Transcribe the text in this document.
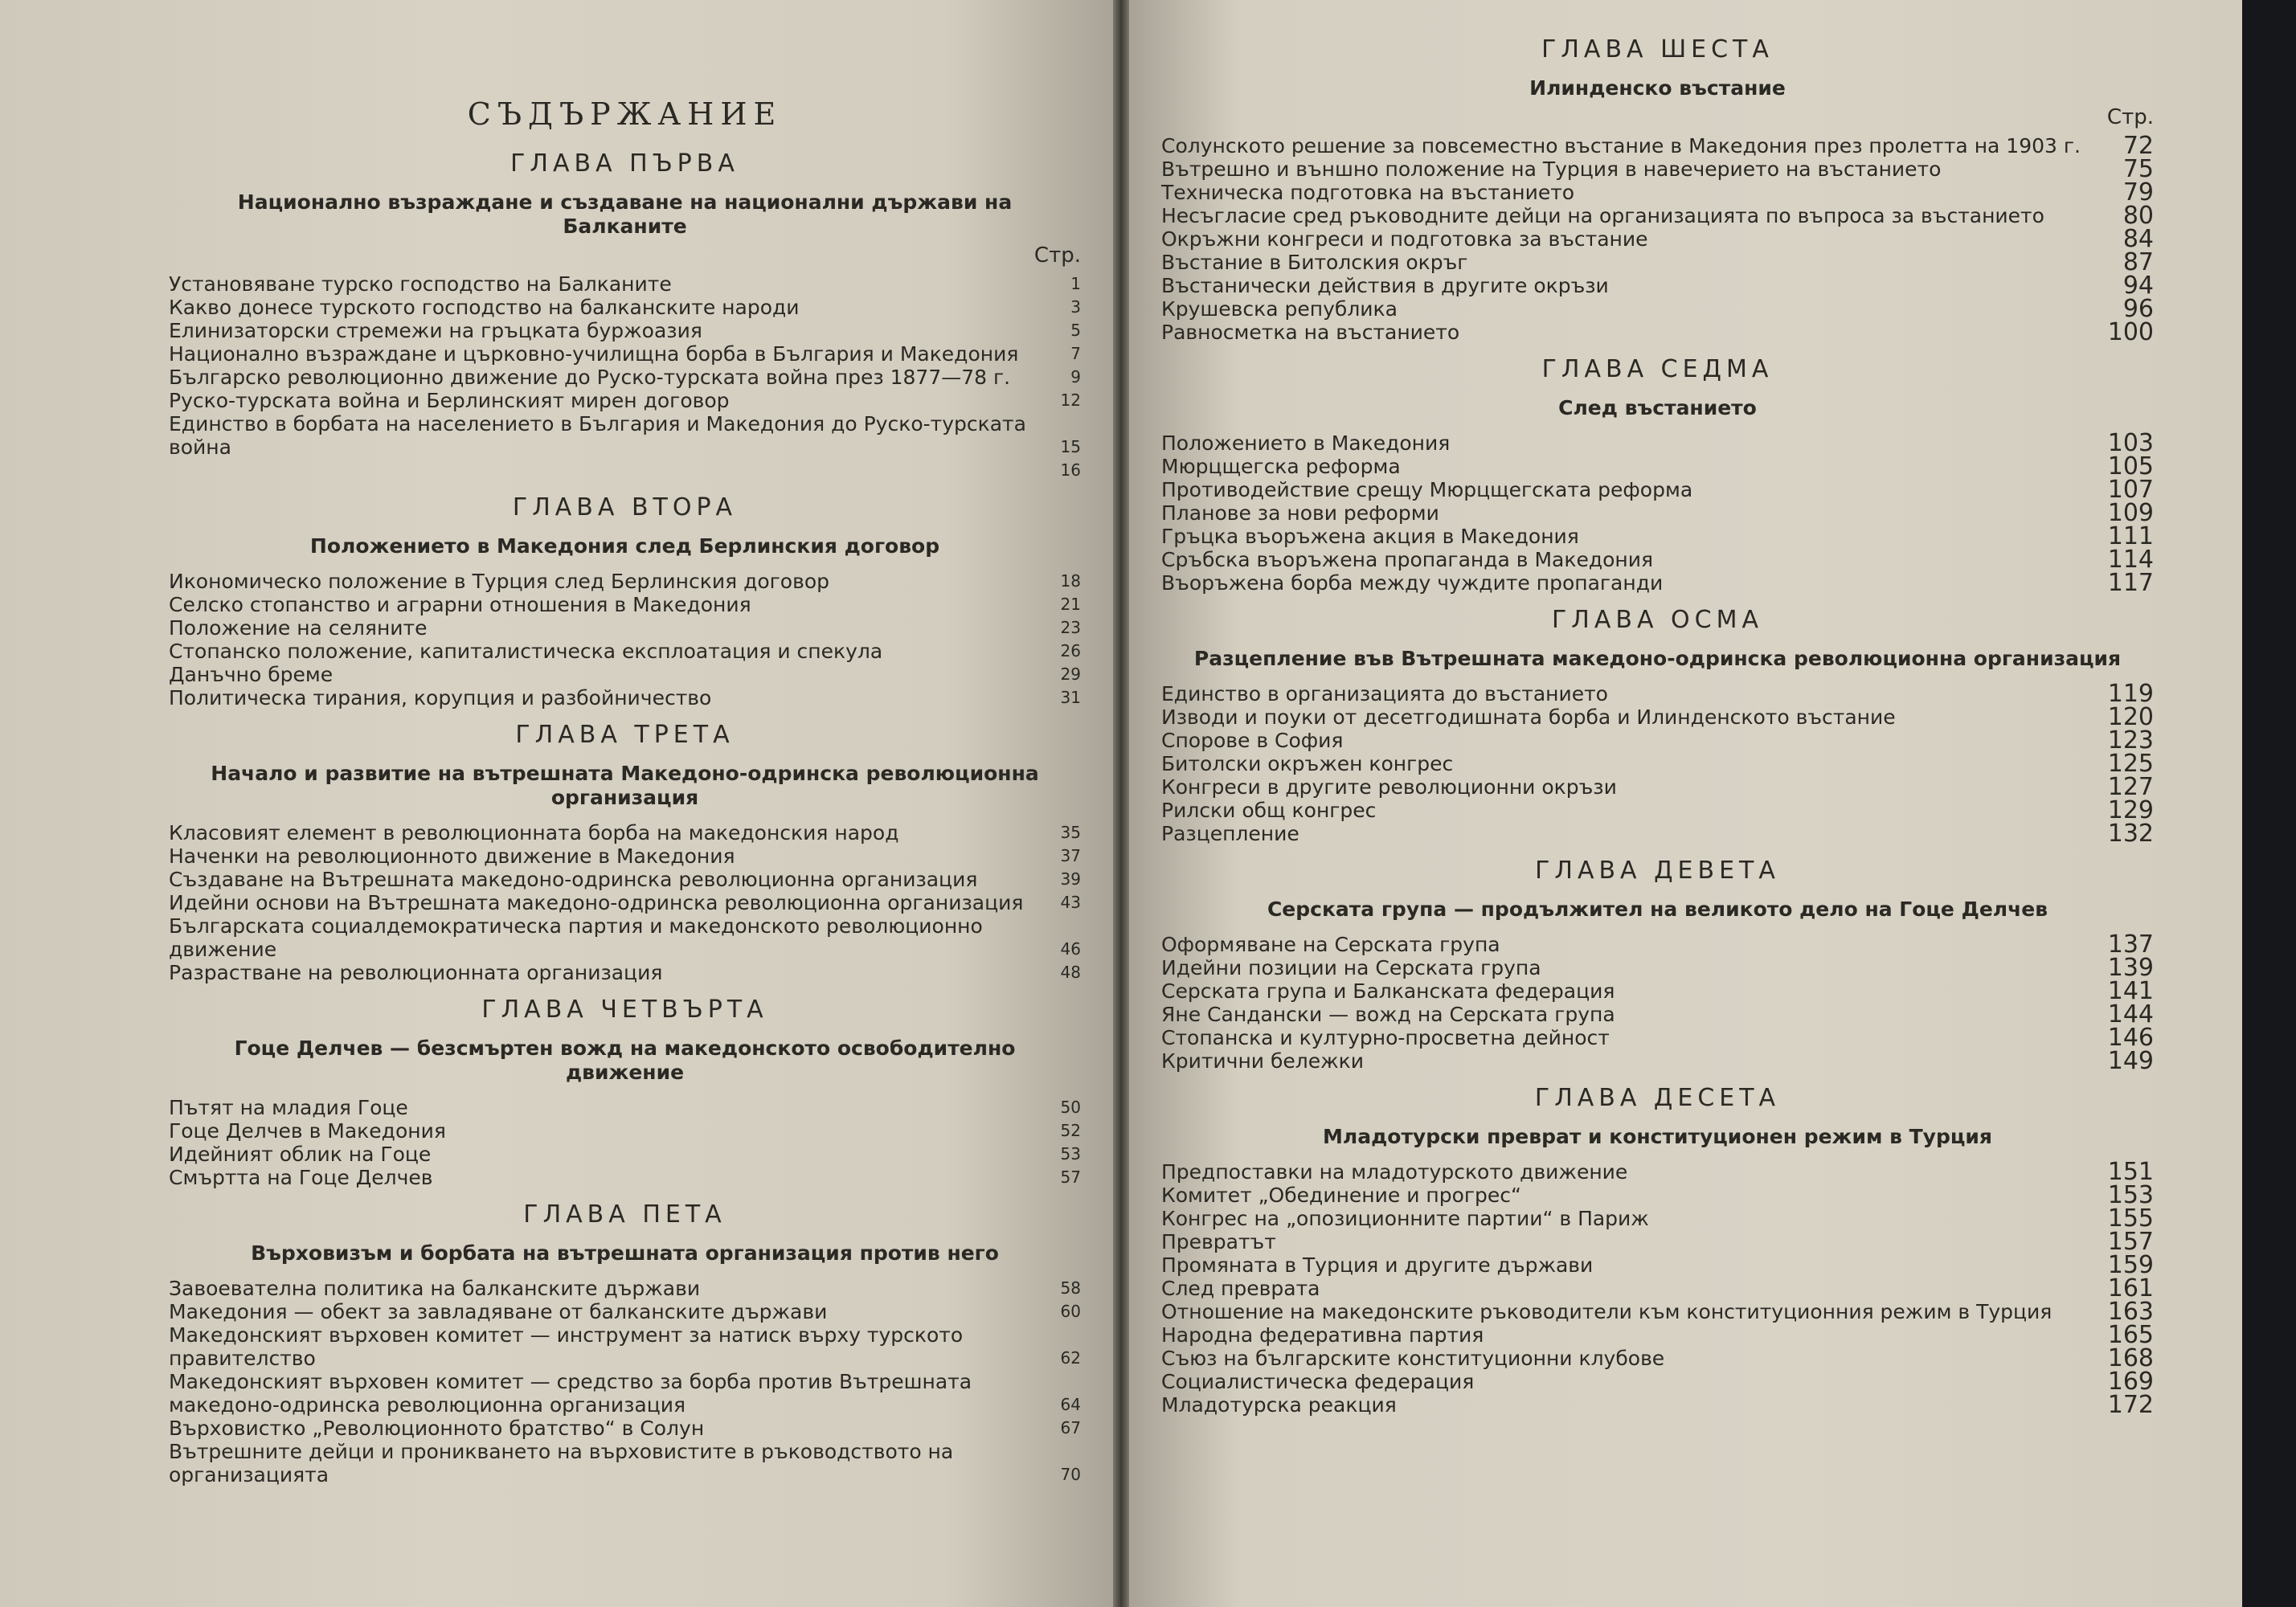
СЪДЪРЖАНИЕ
ГЛАВА ПЪРВА
Национално възраждане и създаване на национални държави на Балканите
Стр.
Установяване турско господство на Балканите	1
Какво донесе турското господство на балканските народи	3
Елинизаторски стремежи на гръцката буржоазия	5
Национално възраждане и църковно-училищна борба в България и Македония	7
Българско революционно движение до Руско-турската война през 1877—78 г.	9
Руско-турската война и Берлинският мирен договор	12
Единство в борбата на населението в България и Македония до Руско-турската война	15
16
ГЛАВА ВТОРА
Положението в Македония след Берлинския договор
Икономическо положение в Турция след Берлинския договор	18
Селско стопанство и аграрни отношения в Македония	21
Положение на селяните	23
Стопанско положение, капиталистическа експлоатация и спекула	26
Данъчно бреме	29
Политическа тирания, корупция и разбойничество	31
ГЛАВА ТРЕТА
Начало и развитие на вътрешната Македоно-одринска революционна организация
Класовият елемент в революционната борба на македонския народ	35
Наченки на революционното движение в Македония	37
Създаване на Вътрешната македоно-одринска революционна организация	39
Идейни основи на Вътрешната македоно-одринска революционна организация	43
Българската социалдемократическа партия и македонското революционно движение	46
Разрастване на революционната организация	48
ГЛАВА ЧЕТВЪРТА
Гоце Делчев — безсмъртен вожд на македонското освободително движение
Пътят на младия Гоце	50
Гоце Делчев в Македония	52
Идейният облик на Гоце	53
Смъртта на Гоце Делчев	57
ГЛАВА ПЕТА
Върховизъм и борбата на вътрешната организация против него
Завоевателна политика на балканските държави	58
Македония — обект за завладяване от балканските държави	60
Македонският върховен комитет — инструмент за натиск върху турското правителство	62
Македонският върховен комитет — средство за борба против Вътрешната македоно-одринска революционна организация	64
Върховистко „Революционното братство“ в Солун	67
Вътрешните дейци и проникването на върховистите в ръководството на организацията	70
ГЛАВА ШЕСТА
Илинденско въстание
Стр.
Солунското решение за повсеместно въстание в Македония през пролетта на 1903 г.	72
Вътрешно и външно положение на Турция в навечерието на въстанието	75
Техническа подготовка на въстанието	79
Несъгласие сред ръководните дейци на организацията по въпроса за въстанието	80
Окръжни конгреси и подготовка за въстание	84
Въстание в Битолския окръг	87
Въстанически действия в другите окръзи	94
Крушевска република	96
Равносметка на въстанието	100
ГЛАВА СЕДМА
След въстанието
Положението в Македония	103
Мюрцщегска реформа	105
Противодействие срещу Мюрцщегската реформа	107
Планове за нови реформи	109
Гръцка въоръжена акция в Македония	111
Сръбска въоръжена пропаганда в Македония	114
Въоръжена борба между чуждите пропаганди	117
ГЛАВА ОСМА
Разцепление във Вътрешната македоно-одринска революционна организация
Единство в организацията до въстанието	119
Изводи и поуки от десетгодишната борба и Илинденското въстание	120
Спорове в София	123
Битолски окръжен конгрес	125
Конгреси в другите революционни окръзи	127
Рилски общ конгрес	129
Разцепление	132
ГЛАВА ДЕВЕТА
Серската група — продължител на великото дело на Гоце Делчев
Оформяване на Серската група	137
Идейни позиции на Серската група	139
Серската група и Балканската федерация	141
Яне Сандански — вожд на Серската група	144
Стопанска и културно-просветна дейност	146
Критични бележки	149
ГЛАВА ДЕСЕТА
Младотурски преврат и конституционен режим в Турция
Предпоставки на младотурското движение	151
Комитет „Обединение и прогрес“	153
Конгрес на „опозиционните партии“ в Париж	155
Превратът	157
Промяната в Турция и другите държави	159
След преврата	161
Отношение на македонските ръководители към конституционния режим в Турция	163
Народна федеративна партия	165
Съюз на българските конституционни клубове	168
Социалистическа федерация	169
Младотурска реакция	172
